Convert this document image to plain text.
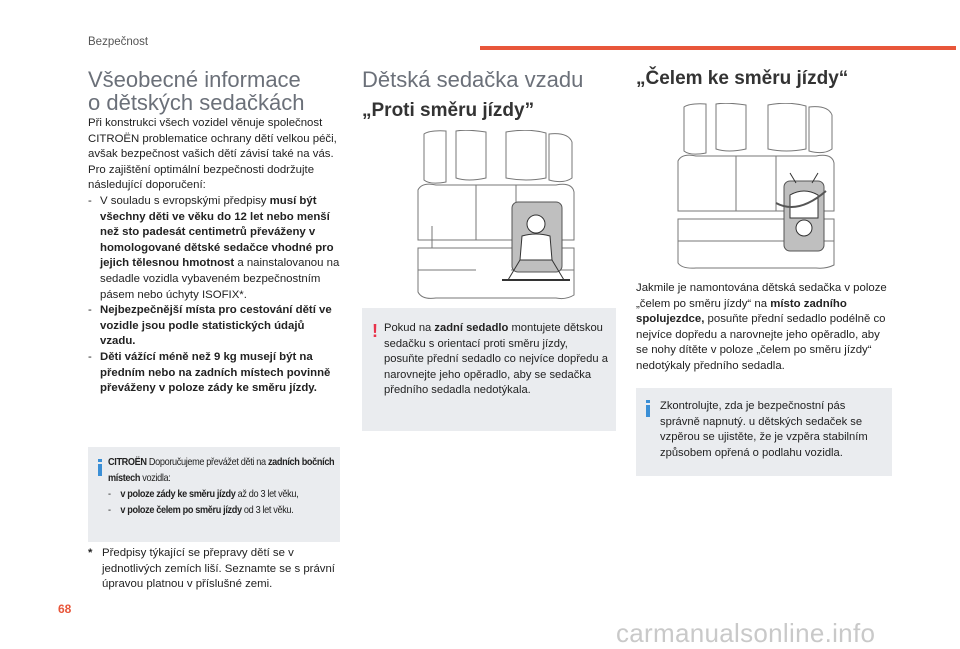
Bezpečnost
Všeobecné informace
o dětských sedačkách
Při konstrukci všech vozidel věnuje společnost CITROËN problematice ochrany dětí velkou péči, avšak bezpečnost vašich dětí závisí také na vás.
Pro zajištění optimální bezpečnosti dodržujte následující doporučení:
- V souladu s evropskými předpisy musí být všechny děti ve věku do 12 let nebo menší než sto padesát centimetrů převáženy v homologované dětské sedačce vhodné pro jejich tělesnou hmotnost a nainstalovanou na sedadle vozidla vybaveném bezpečnostním pásem nebo úchyty ISOFIX*.
- Nejbezpečnější místa pro cestování dětí ve vozidle jsou podle statistických údajů vzadu.
- Děti vážící méně než 9 kg musejí být na předním nebo na zadních místech povinně převáženy v poloze zády ke směru jízdy.
CITROËN Doporučujeme převážet děti na zadních bočních místech vozidla:
- v poloze zády ke směru jízdy až do 3 let věku,
- v poloze čelem po směru jízdy od 3 let věku.
* Předpisy týkající se přepravy dětí se v jednotlivých zemích liší. Seznamte se s právní úpravou platnou v příslušné zemi.
Dětská sedačka vzadu
„Proti směru jízdy”
! Pokud na zadní sedadlo montujete dětskou sedačku s orientací proti směru jízdy, posuňte přední sedadlo co nejvíce dopředu a narovnejte jeho opěradlo, aby se sedačka předního sedadla nedotýkala.
„Čelem ke směru jízdy“
Jakmile je namontována dětská sedačka v poloze „čelem po směru jízdy“ na místo zadního spolujezdce, posuňte přední sedadlo podélně co nejvíce dopředu a narovnejte jeho opěradlo, aby se nohy dítěte v poloze „čelem po směru jízdy“ nedotýkaly předního sedadla.
Zkontrolujte, zda je bezpečnostní pás správně napnutý. u dětských sedaček se vzpěrou se ujistěte, že je vzpěra stabilním způsobem opřená o podlahu vozidla.
68
carmanualsonline.info
